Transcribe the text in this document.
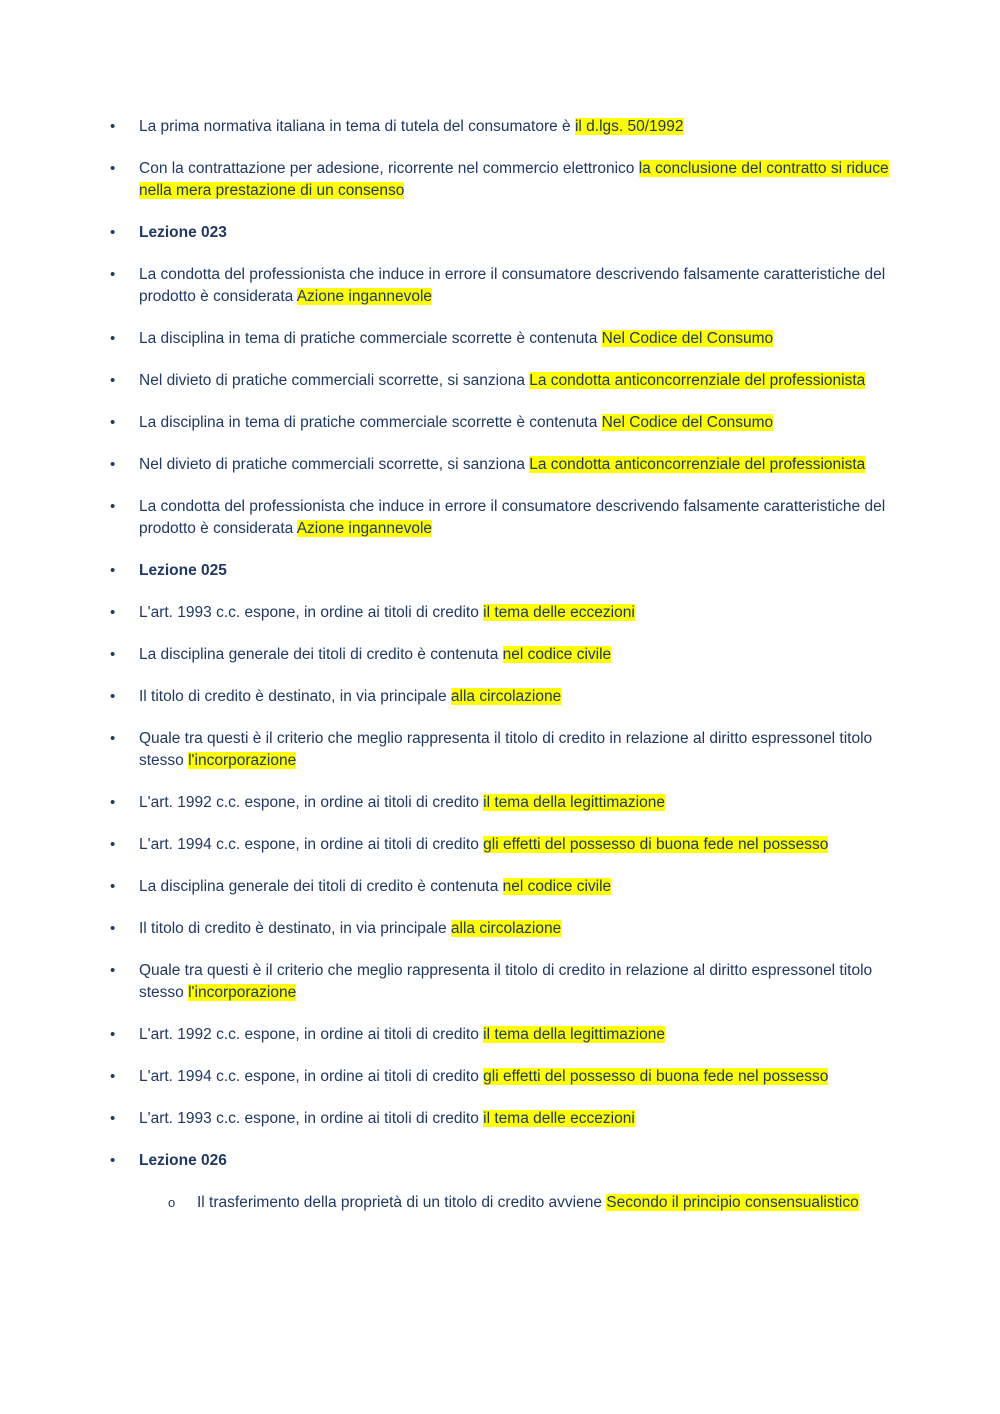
• La prima normativa italiana in tema di tutela del consumatore è il d.lgs. 50/1992
• Con la contrattazione per adesione, ricorrente nel commercio elettronico la conclusione del contratto si riduce nella mera prestazione di un consenso
• Lezione 023
• La condotta del professionista che induce in errore il consumatore descrivendo falsamente caratteristiche del prodotto è considerata Azione ingannevole
• La disciplina in tema di pratiche commerciale scorrette è contenuta Nel Codice del Consumo
• Nel divieto di pratiche commerciali scorrette, si sanziona La condotta anticoncorrenziale del professionista
• La disciplina in tema di pratiche commerciale scorrette è contenuta Nel Codice del Consumo
• Nel divieto di pratiche commerciali scorrette, si sanziona La condotta anticoncorrenziale del professionista
• La condotta del professionista che induce in errore il consumatore descrivendo falsamente caratteristiche del prodotto è considerata Azione ingannevole
• Lezione 025
• L'art. 1993 c.c. espone, in ordine ai titoli di credito il tema delle eccezioni
• La disciplina generale dei titoli di credito è contenuta nel codice civile
• Il titolo di credito è destinato, in via principale alla circolazione
• Quale tra questi è il criterio che meglio rappresenta il titolo di credito in relazione al diritto espressonel titolo stesso l'incorporazione
• L'art. 1992 c.c. espone, in ordine ai titoli di credito il tema della legittimazione
• L'art. 1994 c.c. espone, in ordine ai titoli di credito gli effetti del possesso di buona fede nel possesso
• La disciplina generale dei titoli di credito è contenuta nel codice civile
• Il titolo di credito è destinato, in via principale alla circolazione
• Quale tra questi è il criterio che meglio rappresenta il titolo di credito in relazione al diritto espressonel titolo stesso l'incorporazione
• L'art. 1992 c.c. espone, in ordine ai titoli di credito il tema della legittimazione
• L'art. 1994 c.c. espone, in ordine ai titoli di credito gli effetti del possesso di buona fede nel possesso
• L'art. 1993 c.c. espone, in ordine ai titoli di credito il tema delle eccezioni
• Lezione 026
o Il trasferimento della proprietà di un titolo di credito avviene Secondo il principio consensualistico
